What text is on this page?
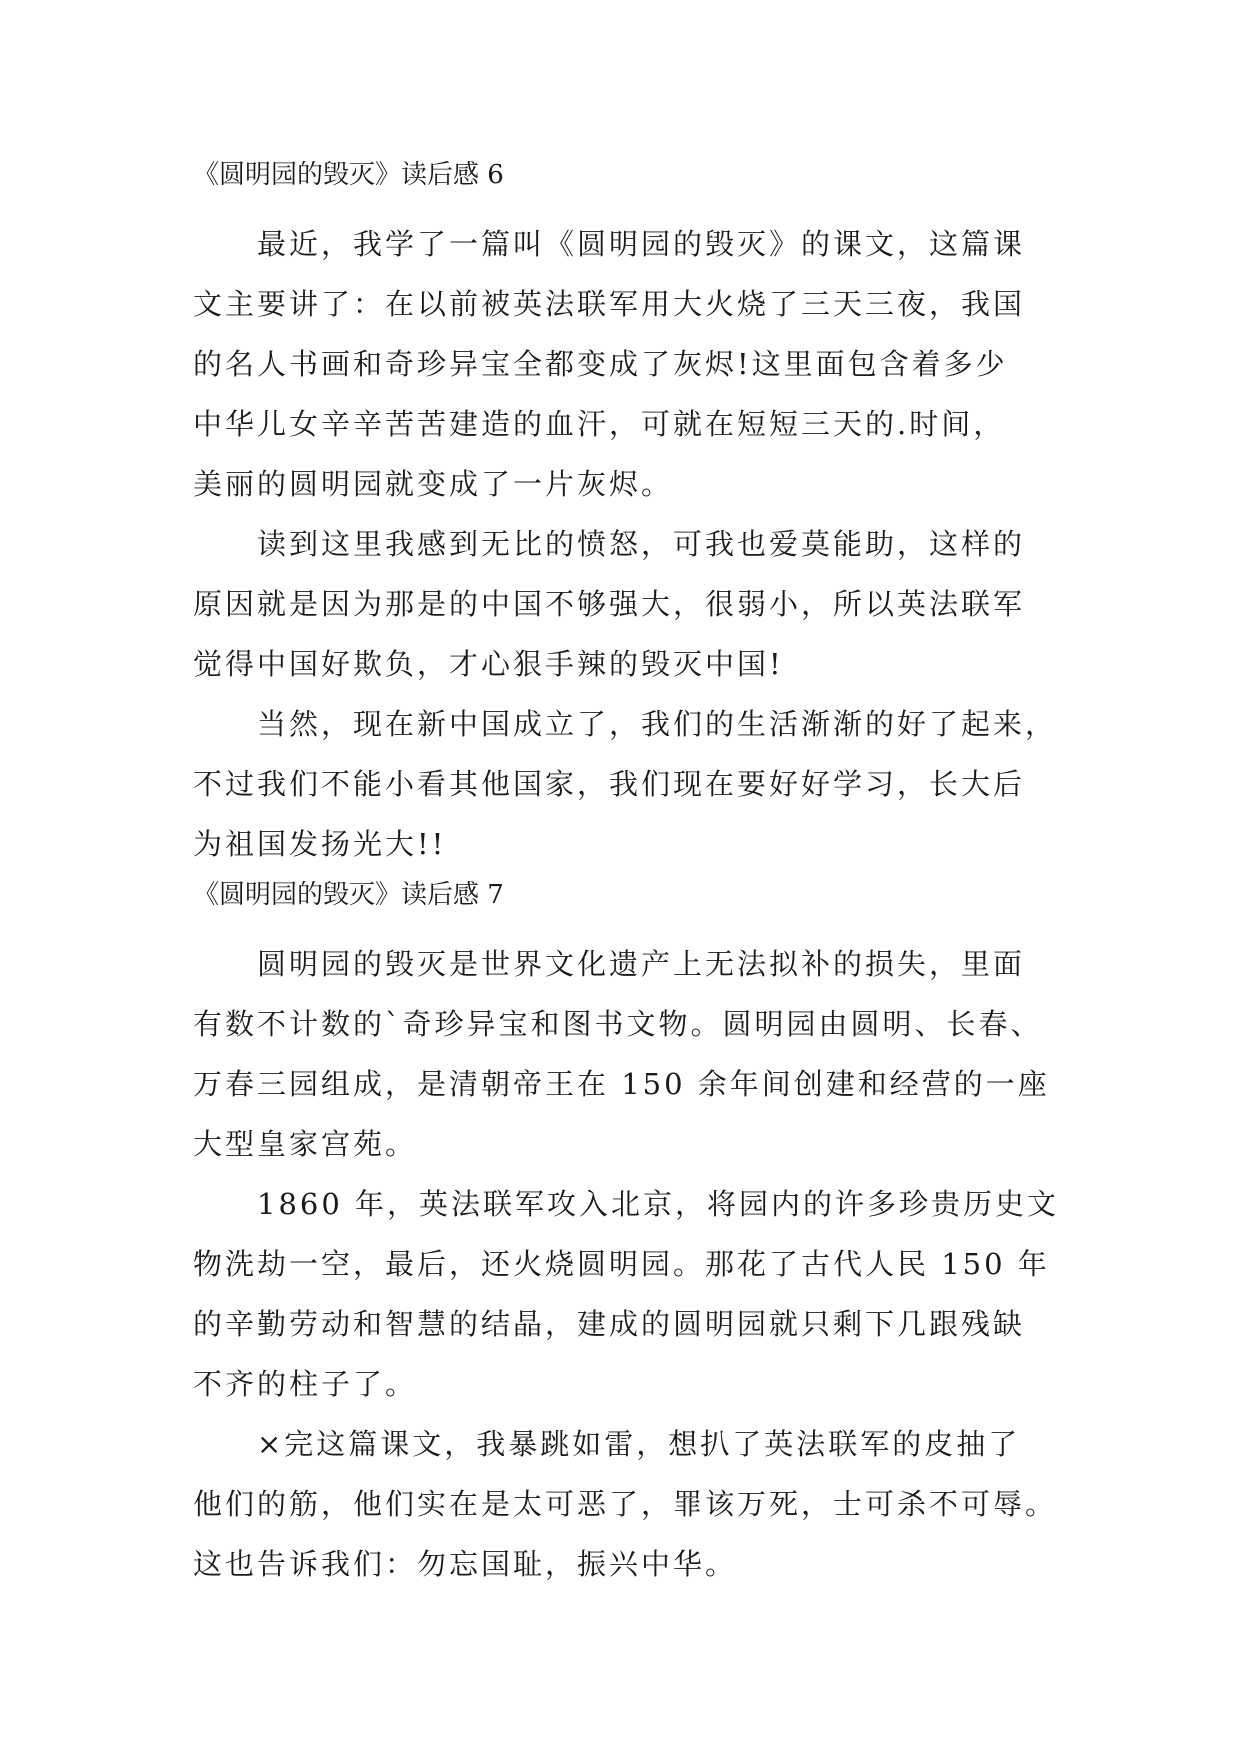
《圆明园的毁灭》读后感 6

最近，我学了一篇叫《圆明园的毁灭》的课文，这篇课
文主要讲了：在以前被英法联军用大火烧了三天三夜，我国
的名人书画和奇珍异宝全都变成了灰烬!这里面包含着多少
中华儿女辛辛苦苦建造的血汗，可就在短短三天的.时间，
美丽的圆明园就变成了一片灰烬。

读到这里我感到无比的愤怒，可我也爱莫能助，这样的
原因就是因为那是的中国不够强大，很弱小，所以英法联军
觉得中国好欺负，才心狠手辣的毁灭中国!

当然，现在新中国成立了，我们的生活渐渐的好了起来，
不过我们不能小看其他国家，我们现在要好好学习，长大后
为祖国发扬光大!!

《圆明园的毁灭》读后感 7

圆明园的毁灭是世界文化遗产上无法拟补的损失，里面
有数不计数的`奇珍异宝和图书文物。圆明园由圆明、长春、
万春三园组成，是清朝帝王在 150 余年间创建和经营的一座
大型皇家宫苑。

1860 年，英法联军攻入北京，将园内的许多珍贵历史文
物洗劫一空，最后，还火烧圆明园。那花了古代人民 150 年
的辛勤劳动和智慧的结晶，建成的圆明园就只剩下几跟残缺
不齐的柱子了。

×完这篇课文，我暴跳如雷，想扒了英法联军的皮抽了
他们的筋，他们实在是太可恶了，罪该万死，士可杀不可辱。
这也告诉我们：勿忘国耻，振兴中华。
